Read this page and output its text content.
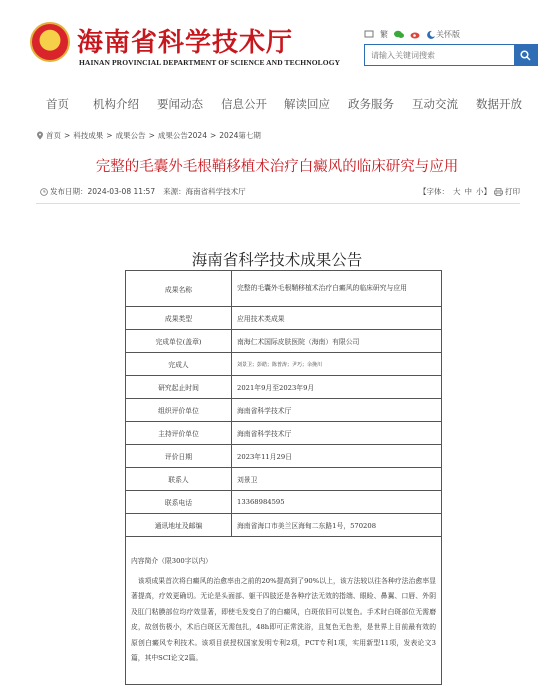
★ 海南省科学技术厅
HAINAN PROVINCIAL DEPARTMENT OF SCIENCE AND TECHNOLOGY
繁	关怀版
请输入关键词搜索
首页 机构介绍 要闻动态 信息公开 解读回应 政务服务 互动交流 数据开放
首页 > 科技成果 > 成果公告 > 成果公告2024 > 2024第七期
完整的毛囊外毛根鞘移植术治疗白癜风的临床研究与应用
发布日期： 2024-03-08 11:57 来源： 海南省科学技术厅	【字体： 大 中 小 】 打印
海南省科学技术成果公告
成果名称	完整的毛囊外毛根鞘移植术治疗白癜风的临床研究与应用
成果类型	应用技术类成果
完成单位(盖章)	南海仁术国际皮肤医院（海南）有限公司
完成人	刘景卫；彭皓；陈普涛；尹巧；余挽川
研究起止时间	2021年9月至2023年9月
组织评价单位	海南省科学技术厅
主持评价单位	海南省科学技术厅
评价日期	2023年11月29日
联系人	刘景卫
联系电话	13368984595
通讯地址及邮编	海南省海口市美兰区海甸二东路1号，570208

内容简介（限300字以内）
该项成果首次将白癜风的治愈率由之前的20%提高到了90%以上，该方法较以往各种疗法治愈率显著提高，疗效更确切。无论是头面部、躯干四肢还是各种疗法无效的指端、眼睑、鼻翼、口唇、外阴及肛门粘膜部位均疗效显著，即使毛发变白了的白癜风，白斑依旧可以复色。手术时白斑部位无需磨皮，故创伤极小，术后白斑区无需包扎，48h即可正常洗浴，且复色无色差，是世界上目前最有效的原创白癜风专利技术。该项目获授权国家发明专利2项，PCT专利1项，实用新型11项，发表论文3篇，其中SCI论文2篇。	
